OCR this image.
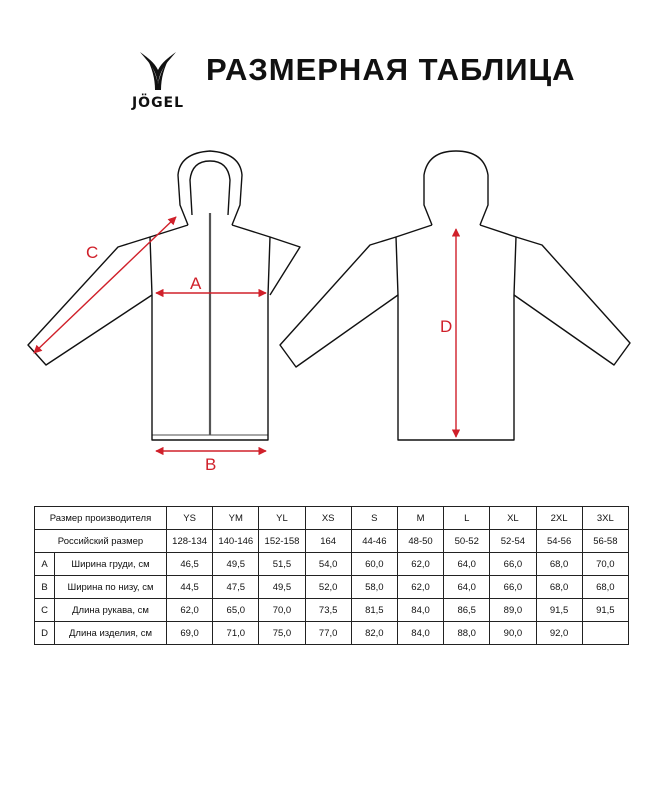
JÖGEL
РАЗМЕРНАЯ ТАБЛИЦА
A
B
C
D
Размер производителя		YS	YM	YL	XS	S	M	L	XL	2XL	3XL
Российский размер		128-134	140-146	152-158	164	44-46	48-50	50-52	52-54	54-56	56-58
A	Ширина груди, см	46,5	49,5	51,5	54,0	60,0	62,0	64,0	66,0	68,0	70,0
B	Ширина по низу, см	44,5	47,5	49,5	52,0	58,0	62,0	64,0	66,0	68,0	68,0
C	Длина рукава, см	62,0	65,0	70,0	73,5	81,5	84,0	86,5	89,0	91,5	91,5
D	Длина изделия, см	69,0	71,0	75,0	77,0	82,0	84,0	88,0	90,0	92,0	
